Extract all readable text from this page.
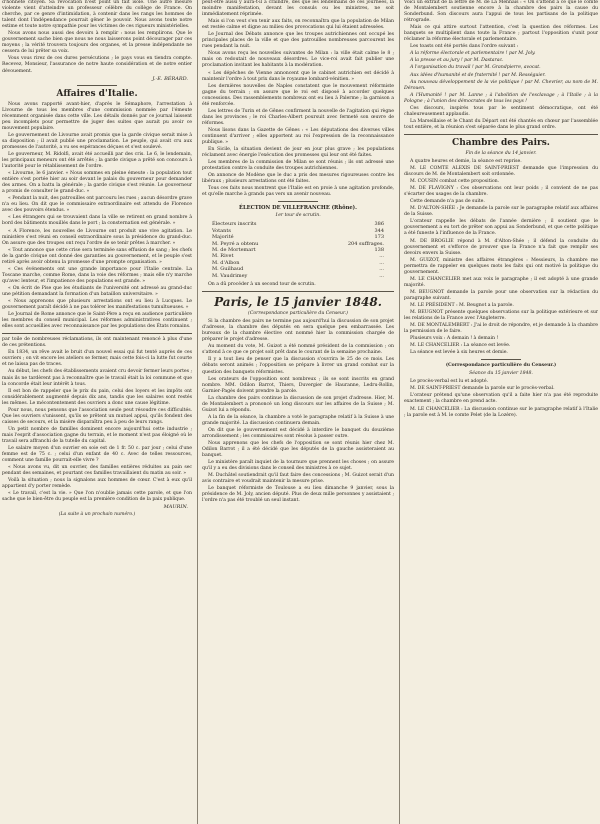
d'honnête citoyen. Sa révocation n'est point un fait isolé. Une autre mesure violente vient d'atteindre un professeur célèbre du collège de France. On cherche, par ce genre d'intimidation, à contenir dans les rangs les hommes de talent dont l'indépendance pourrait gêner le pouvoir. Nous avons toute notre estime et toute notre sympathie pour les victimes de ces rigueurs ministérielles.

Nous avons nous aussi des devoirs à remplir : nous les remplirons. Que le gouvernement sache bien que nous ne nous laisserons point décourager par ces moyens ; la vérité trouvera toujours des organes, et la presse indépendante ne cessera de lui prêter sa voix.

Vous vous rirez de ces dures persécutions ; le pays vous en tiendra compte. Recevez, Monsieur, l'assurance de notre haute considération et de notre entier dévouement.

J.-E. BÉRARD.
Affaires d'Italie.

Nous avons rapporté avant-hier, d'après le Sémaphore, l'arrestation à Livourne de tous les membres d'une commission nommée par l'émeute récemment organisée dans cette ville. Les détails donnés par ce journal laissent peu incomplets pour permettre de juger des suites que aurait pu avoir ce mouvement populaire.

Le gouvernement de Livourne avait promis que la garde civique serait mise à sa disposition ; il avait publié une proclamation. Le peuple, qui avait cru aux promesses de l'autorité, a vu ses espérances déçues et s'est soulevé.

Le gouverneur, M. Ridolfi, avait été accueilli par des cris. Le 6, le lendemain, les principaux meneurs ont été arrêtés ; la garde civique a prêté son concours à l'autorité pour le rétablissement de l'ordre.

« Livourne, le 6 janvier. « Nous sommes en pleine émeute : la population tout entière s'est portée hier au soir devant le palais du gouverneur pour demander des armes. On a battu la générale ; la garde civique s'est réunie. Le gouverneur a promis de consulter le grand-duc. »

« Pendant la nuit, des patrouilles ont parcouru les rues ; aucun désordre grave n'a eu lieu. On dit que le commissaire extraordinaire est attendu de Florence avec des pouvoirs étendus. »

« Les étrangers qui se trouvaient dans la ville se retirent en grand nombre à bord des bâtiments mouillés dans le port ; la consternation est générale. »

« A Florence, les nouvelles de Livourne ont produit une vive agitation. Le ministère s'est réuni en conseil extraordinaire sous la présidence du grand-duc. On assure que des troupes ont reçu l'ordre de se tenir prêtes à marcher. »

« Tout annonce que cette crise sera terminée sans effusion de sang ; les chefs de la garde civique ont donné des garanties au gouvernement, et le peuple s'est retiré après avoir obtenu la promesse d'une prompte organisation. »

« Ces événements ont une grande importance pour l'Italie centrale. La Toscane marche, comme Rome, dans la voie des réformes ; mais elle n'y marche qu'avec lenteur, et l'impatience des populations est grande. »

« On écrit de Pise que les étudiants de l'université ont adressé au grand-duc une pétition demandant la formation d'un bataillon universitaire. »

« Nous apprenons que plusieurs arrestations ont eu lieu à Lucques. Le gouvernement paraît décidé à ne pas tolérer les manifestations tumultueuses. »

Le Journal de Rome annonce que le Saint-Père a reçu en audience particulière les membres du conseil municipal. Les réformes administratives continuent ; elles sont accueillies avec reconnaissance par les populations des États romains.

par toile de nombreuses réclamations, ils ont maintenant renoncé à plus d'une de ces prétentions.

En 1834, un rêve avait le bruit d'un nouvel essai qui fut tenté auprès de ces ouvriers ; on vit encore les ateliers se fermer, mais cette fois-ci la lutte fut courte et ne laissa pas de traces.

Au début, les chefs des établissements avaient cru devoir fermer leurs portes ; mais ils ne tardèrent pas à reconnaître que le travail était la loi commune et que la concorde était leur intérêt à tous.

Il est bon de rappeler que le prix du pain, celui des loyers et les impôts ont considérablement augmenté depuis dix ans, tandis que les salaires sont restés les mêmes. Le mécontentement des ouvriers a donc une cause légitime.

Pour nous, nous pensons que l'association seule peut résoudre ces difficultés. Que les ouvriers s'unissent, qu'ils se prêtent un mutuel appui, qu'ils fondent des caisses de secours, et la misère disparaîtra peu à peu de leurs rangs.

Un petit nombre de familles dominent encore aujourd'hui cette industrie ; mais l'esprit d'association gagne du terrain, et le moment n'est pas éloigné où le travail sera affranchi de la tutelle du capital.

Le salaire moyen d'un ouvrier en soie est de 1 fr. 50 c. par jour ; celui d'une femme est de 75 c. ; celui d'un enfant de 40 c. Avec de telles ressources, comment une famille pourrait-elle vivre ?

« Nous avons vu, dit un ouvrier, des familles entières réduites au pain sec pendant des semaines, et pourtant ces familles travaillaient du matin au soir. »

Voilà la situation ; nous la signalons aux hommes de cœur. C'est à eux qu'il appartient d'y porter remède.

« Le travail, c'est la vie. » Que l'on n'oublie jamais cette parole, et que l'on sache que le bien-être du peuple est la première condition de la paix publique.

MAURIN.
(La suite à un prochain numéro.)

peut-être aussi y aura-t-il à craindre, dès que les lendemains de ces journées, la moindre manifestation, devant les consuls ou les ministres, ne soit immédiatement réprimée.

Mais si l'on veut s'en tenir aux faits, on reconnaîtra que la population de Milan est restée calme et digne au milieu des provocations qui lui étaient adressées.

Le Journal des Débats annonce que les troupes autrichiennes ont occupé les principales places de la ville et que des patrouilles nombreuses parcourent les rues pendant la nuit.

Nous avons reçu les nouvelles suivantes de Milan : la ville était calme le 8 ; mais on redoutait de nouveaux désordres. Le vice-roi avait fait publier une proclamation invitant les habitants à la modération.

« Les dépêches de Vienne annoncent que le cabinet autrichien est décidé à maintenir l'ordre à tout prix dans le royaume lombard-vénitien. »

Les dernières nouvelles de Naples constatent que le mouvement réformiste gagne du terrain ; on assure que le roi est disposé à accorder quelques concessions. Des rassemblements nombreux ont eu lieu à Palerme ; la garnison a été renforcée.

Les lettres de Turin et de Gênes confirment la nouvelle de l'agitation qui règne dans les provinces ; le roi Charles-Albert poursuit avec fermeté son œuvre de réformes.

Nous lisons dans la Gazette de Gênes : « Les députations des diverses villes continuent d'arriver ; elles apportent au roi l'expression de la reconnaissance publique. »

En Sicile, la situation devient de jour en jour plus grave ; les populations réclament avec énergie l'exécution des promesses qui leur ont été faites.

Les membres de la commission de Milan se sont réunis ; ils ont adressé une protestation contre la conduite des troupes autrichiennes.

On annonce de Modène que le duc a pris des mesures rigoureuses contre les libéraux ; plusieurs arrestations ont été faites.

Tous ces faits nous montrent que l'Italie est en proie à une agitation profonde, et qu'elle marche à grands pas vers un avenir nouveau.

ÉLECTION DE VILLEFRANCHE (Rhône).
1er tour de scrutin.
Électeurs inscrits	386
Votants	344
Majorité	173
M. Peyré a obtenu	204 suffrages.
M. de Mortemart	138
M. Rivet	...
M. d'Albon	...
M. Guilhaud	...
M. Vaudrimey	...

On a dû procéder à un second tour de scrutin.

Paris, le 15 janvier 1848.
(Correspondance particulière du Censeur.)

Si la chambre des pairs ne termine pas aujourd'hui la discussion de son projet d'adresse, la chambre des députés en sera quelque peu embarrassée. Les bureaux de la chambre élective ont nommé hier la commission chargée de préparer le projet d'adresse.

Au moment du vote, M. Guizot a été nommé président de la commission ; on s'attend à ce que ce projet soit prêt dans le courant de la semaine prochaine.

Il y a tout lieu de penser que la discussion s'ouvrira le 25 de ce mois. Les débats seront animés ; l'opposition se prépare à livrer un grand combat sur la question des banquets réformistes.

Les orateurs de l'opposition sont nombreux ; ils se sont inscrits en grand nombre. MM. Odilon Barrot, Thiers, Duvergier de Hauranne, Ledru-Rollin, Garnier-Pagès doivent prendre la parole.

La chambre des pairs continue la discussion de son projet d'adresse. Hier, M. de Montalembert a prononcé un long discours sur les affaires de la Suisse ; M. Guizot lui a répondu.

A la fin de la séance, la chambre a voté le paragraphe relatif à la Suisse à une grande majorité. La discussion continuera demain.

On dit que le gouvernement est décidé à interdire le banquet du douzième arrondissement ; les commissaires sont résolus à passer outre.

Nous apprenons que les chefs de l'opposition se sont réunis hier chez M. Odilon Barrot ; il a été décidé que les députés de la gauche assisteraient au banquet.

Le ministère paraît inquiet de la tournure que prennent les choses ; on assure qu'il y a eu des divisions dans le conseil des ministres à ce sujet.

M. Duchâtel soutiendrait qu'il faut faire des concessions ; M. Guizot serait d'un avis contraire et voudrait maintenir la mesure prise.

Le banquet réformiste de Toulouse a eu lieu dimanche 9 janvier, sous la présidence de M. Joly, ancien député. Plus de deux mille personnes y assistaient ; l'ordre n'a pas été troublé un seul instant.

Voici un extrait de la lettre de M. de La Mennais : « On s'attend à ce que le comte de Montalembert soutienne encore à la chambre des pairs la cause du Sonderbund. Son discours aura l'appui de tous les partisans de la politique rétrograde.

Mais ce qui attire surtout l'attention, c'est la question des réformes. Les banquets se multiplient dans toute la France ; partout l'opposition s'unit pour réclamer la réforme électorale et parlementaire.

Les toasts ont été portés dans l'ordre suivant :

A la réforme électorale et parlementaire ! par M. Joly.

A la presse et au jury ! par M. Dastarac.

A l'organisation du travail ! par M. Grandpierre, avocat.

Aux idées d'humanité et de fraternité ! par M. Rességuier.

Au nouveau développement de la vie politique ! par M. Chevrier, au nom de M. Dérouen.

A l'Humanité ! par M. Lanne ; à l'abolition de l'esclavage ; à l'Italie ; à la Pologne ; à l'union des démocrates de tous les pays !

Ces discours, inspirés tous par le sentiment démocratique, ont été chaleureusement applaudis.

La Marseillaise et le Chant du Départ ont été chantés en chœur par l'assemblée tout entière, et la réunion s'est séparée dans le plus grand ordre.

Chambre des Pairs.
Fin de la séance du 14 janvier.

A quatre heures et demie, la séance est reprise.

M. LE COMTE ALEXIS DE SAINT-PRIEST demande que l'impression du discours de M. de Montalembert soit ordonnée.

M. COUSIN combat cette proposition.

M. DE FLAVIGNY : Ces observations ont leur poids ; il convient de ne pas s'écarter des usages de la chambre.

Cette demande n'a pas de suite.

M. D'ALTON-SHÉE : Je demande la parole sur le paragraphe relatif aux affaires de la Suisse.

L'orateur rappelle les débats de l'année dernière ; il soutient que le gouvernement a eu tort de prêter son appui au Sonderbund, et que cette politique a été funeste à l'influence de la France.

M. DE BROGLIE répond à M. d'Alton-Shée ; il défend la conduite du gouvernement et s'efforce de prouver que la France n'a fait que remplir ses devoirs envers la Suisse.

M. GUIZOT, ministre des affaires étrangères : Messieurs, la chambre me permettra de rappeler en quelques mots les faits qui ont motivé la politique du gouvernement.

M. LE CHANCELIER met aux voix le paragraphe ; il est adopté à une grande majorité.

M. BEUGNOT demande la parole pour une observation sur la rédaction du paragraphe suivant.

M. LE PRÉSIDENT : M. Beugnot a la parole.

M. BEUGNOT présente quelques observations sur la politique extérieure et sur les relations de la France avec l'Angleterre.

M. DE MONTALEMBERT : J'ai le droit de répondre, et je demande à la chambre la permission de le faire.

Plusieurs voix : A demain ! à demain !

M. LE CHANCELIER : La séance est levée.

La séance est levée à six heures et demie.

(Correspondance particulière du Censeur.)
Séance du 15 janvier 1848.

Le procès-verbal est lu et adopté.

M. DE SAINT-PRIEST demande la parole sur le procès-verbal.

L'orateur prétend qu'une observation qu'il a faite hier n'a pas été reproduite exactement ; la chambre en prend acte.

M. LE CHANCELIER : La discussion continue sur le paragraphe relatif à l'Italie ; la parole est à M. le comte Pelet (de la Lozère).
